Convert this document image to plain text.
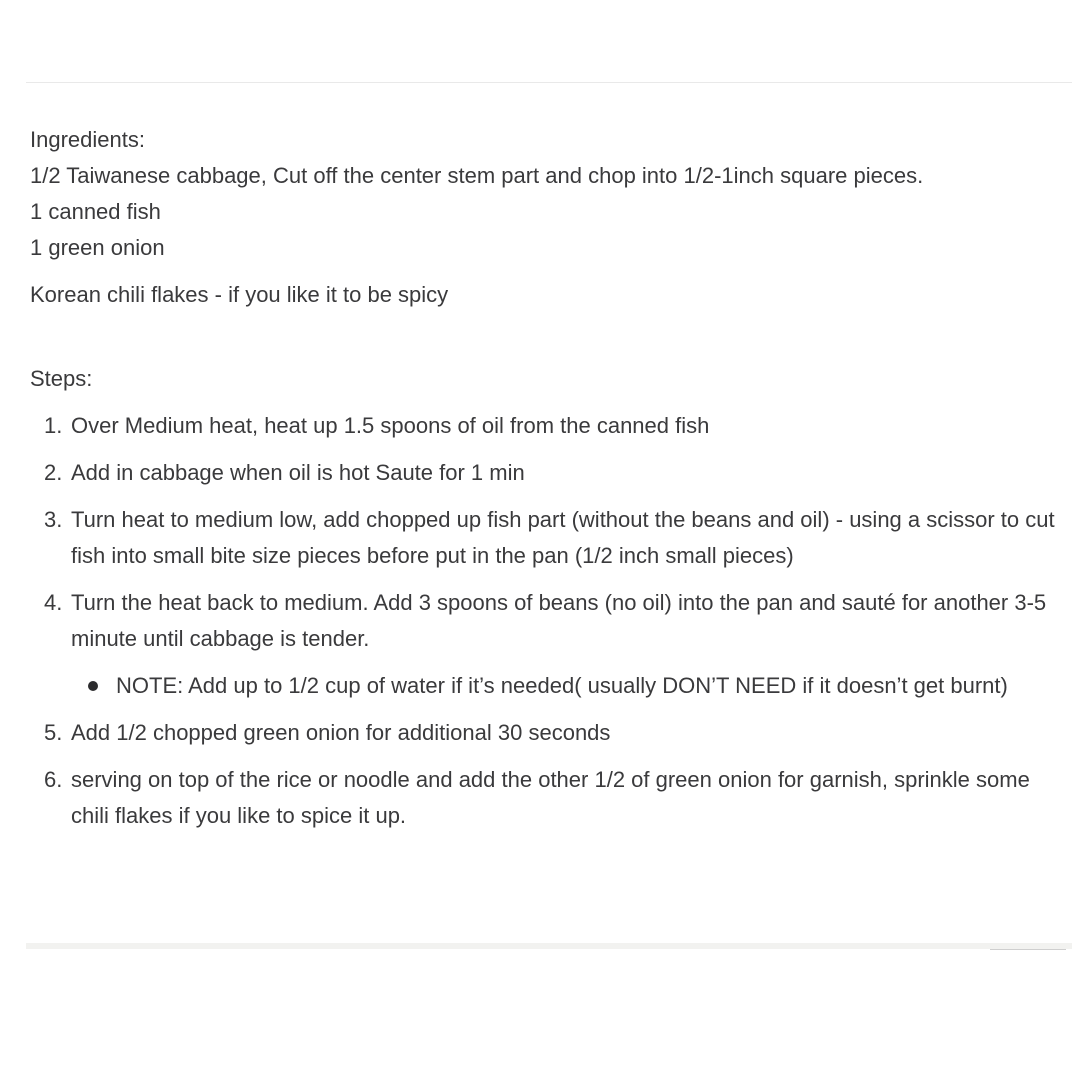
Ingredients:

1/2 Taiwanese cabbage, Cut off the center stem part and chop into 1/2-1inch square pieces.

1 canned fish

1 green onion

Korean chili flakes - if you like it to be spicy

Steps:

1. Over Medium heat, heat up 1.5 spoons of oil from the canned fish
2. Add in cabbage when oil is hot Saute for 1 min
3. Turn heat to medium low, add chopped up fish part (without the beans and oil) - using a scissor to cut fish into small bite size pieces before put in the pan (1/2 inch small pieces)
4. Turn the heat back to medium. Add 3 spoons of beans (no oil) into the pan and sauté for another 3-5 minute until cabbage is tender.
NOTE: Add up to 1/2 cup of water if it’s needed( usually DON’T NEED if it doesn’t get burnt)
5. Add 1/2 chopped green onion for additional 30 seconds
6. serving on top of the rice or noodle and add the other 1/2 of green onion for garnish, sprinkle some chili flakes if you like to spice it up.
